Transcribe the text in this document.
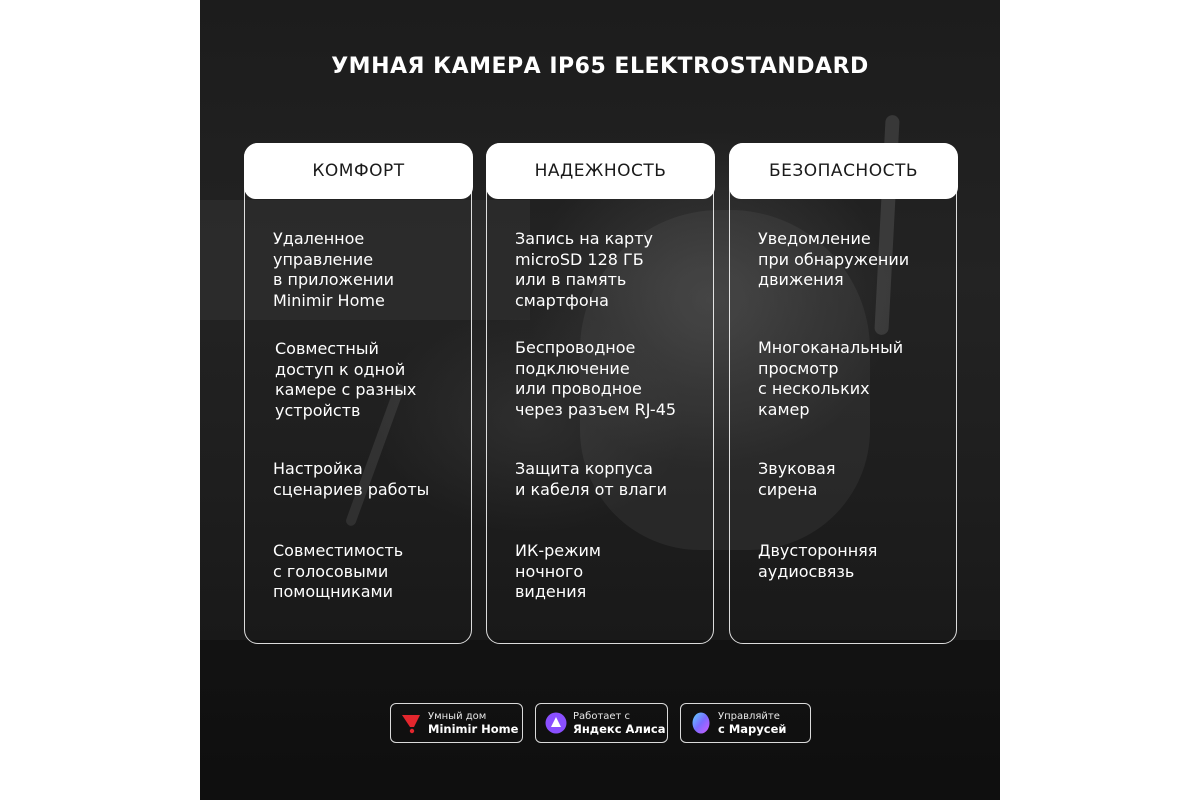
УМНАЯ КАМЕРА IP65 ELEKTROSTANDARD
КОМФОРТ
Удаленное
управление
в приложении
Minimir Home
Совместный
доступ к одной
камере с разных
устройств
Настройка
сценариев работы
Совместимость
с голосовыми
помощниками
НАДЕЖНОСТЬ
Запись на карту
microSD 128 ГБ
или в память
смартфона
Беспроводное
подключение
или проводное
через разъем RJ-45
Защита корпуса
и кабеля от влаги
ИК-режим
ночного
видения
БЕЗОПАСНОСТЬ
Уведомление
при обнаружении
движения
Многоканальный
просмотр
с нескольких
камер
Звуковая
сирена
Двусторонняя
аудиосвязь
Умный дом
Minimir Home
Работает с
Яндекс Алиса
Управляйте
с Марусей
